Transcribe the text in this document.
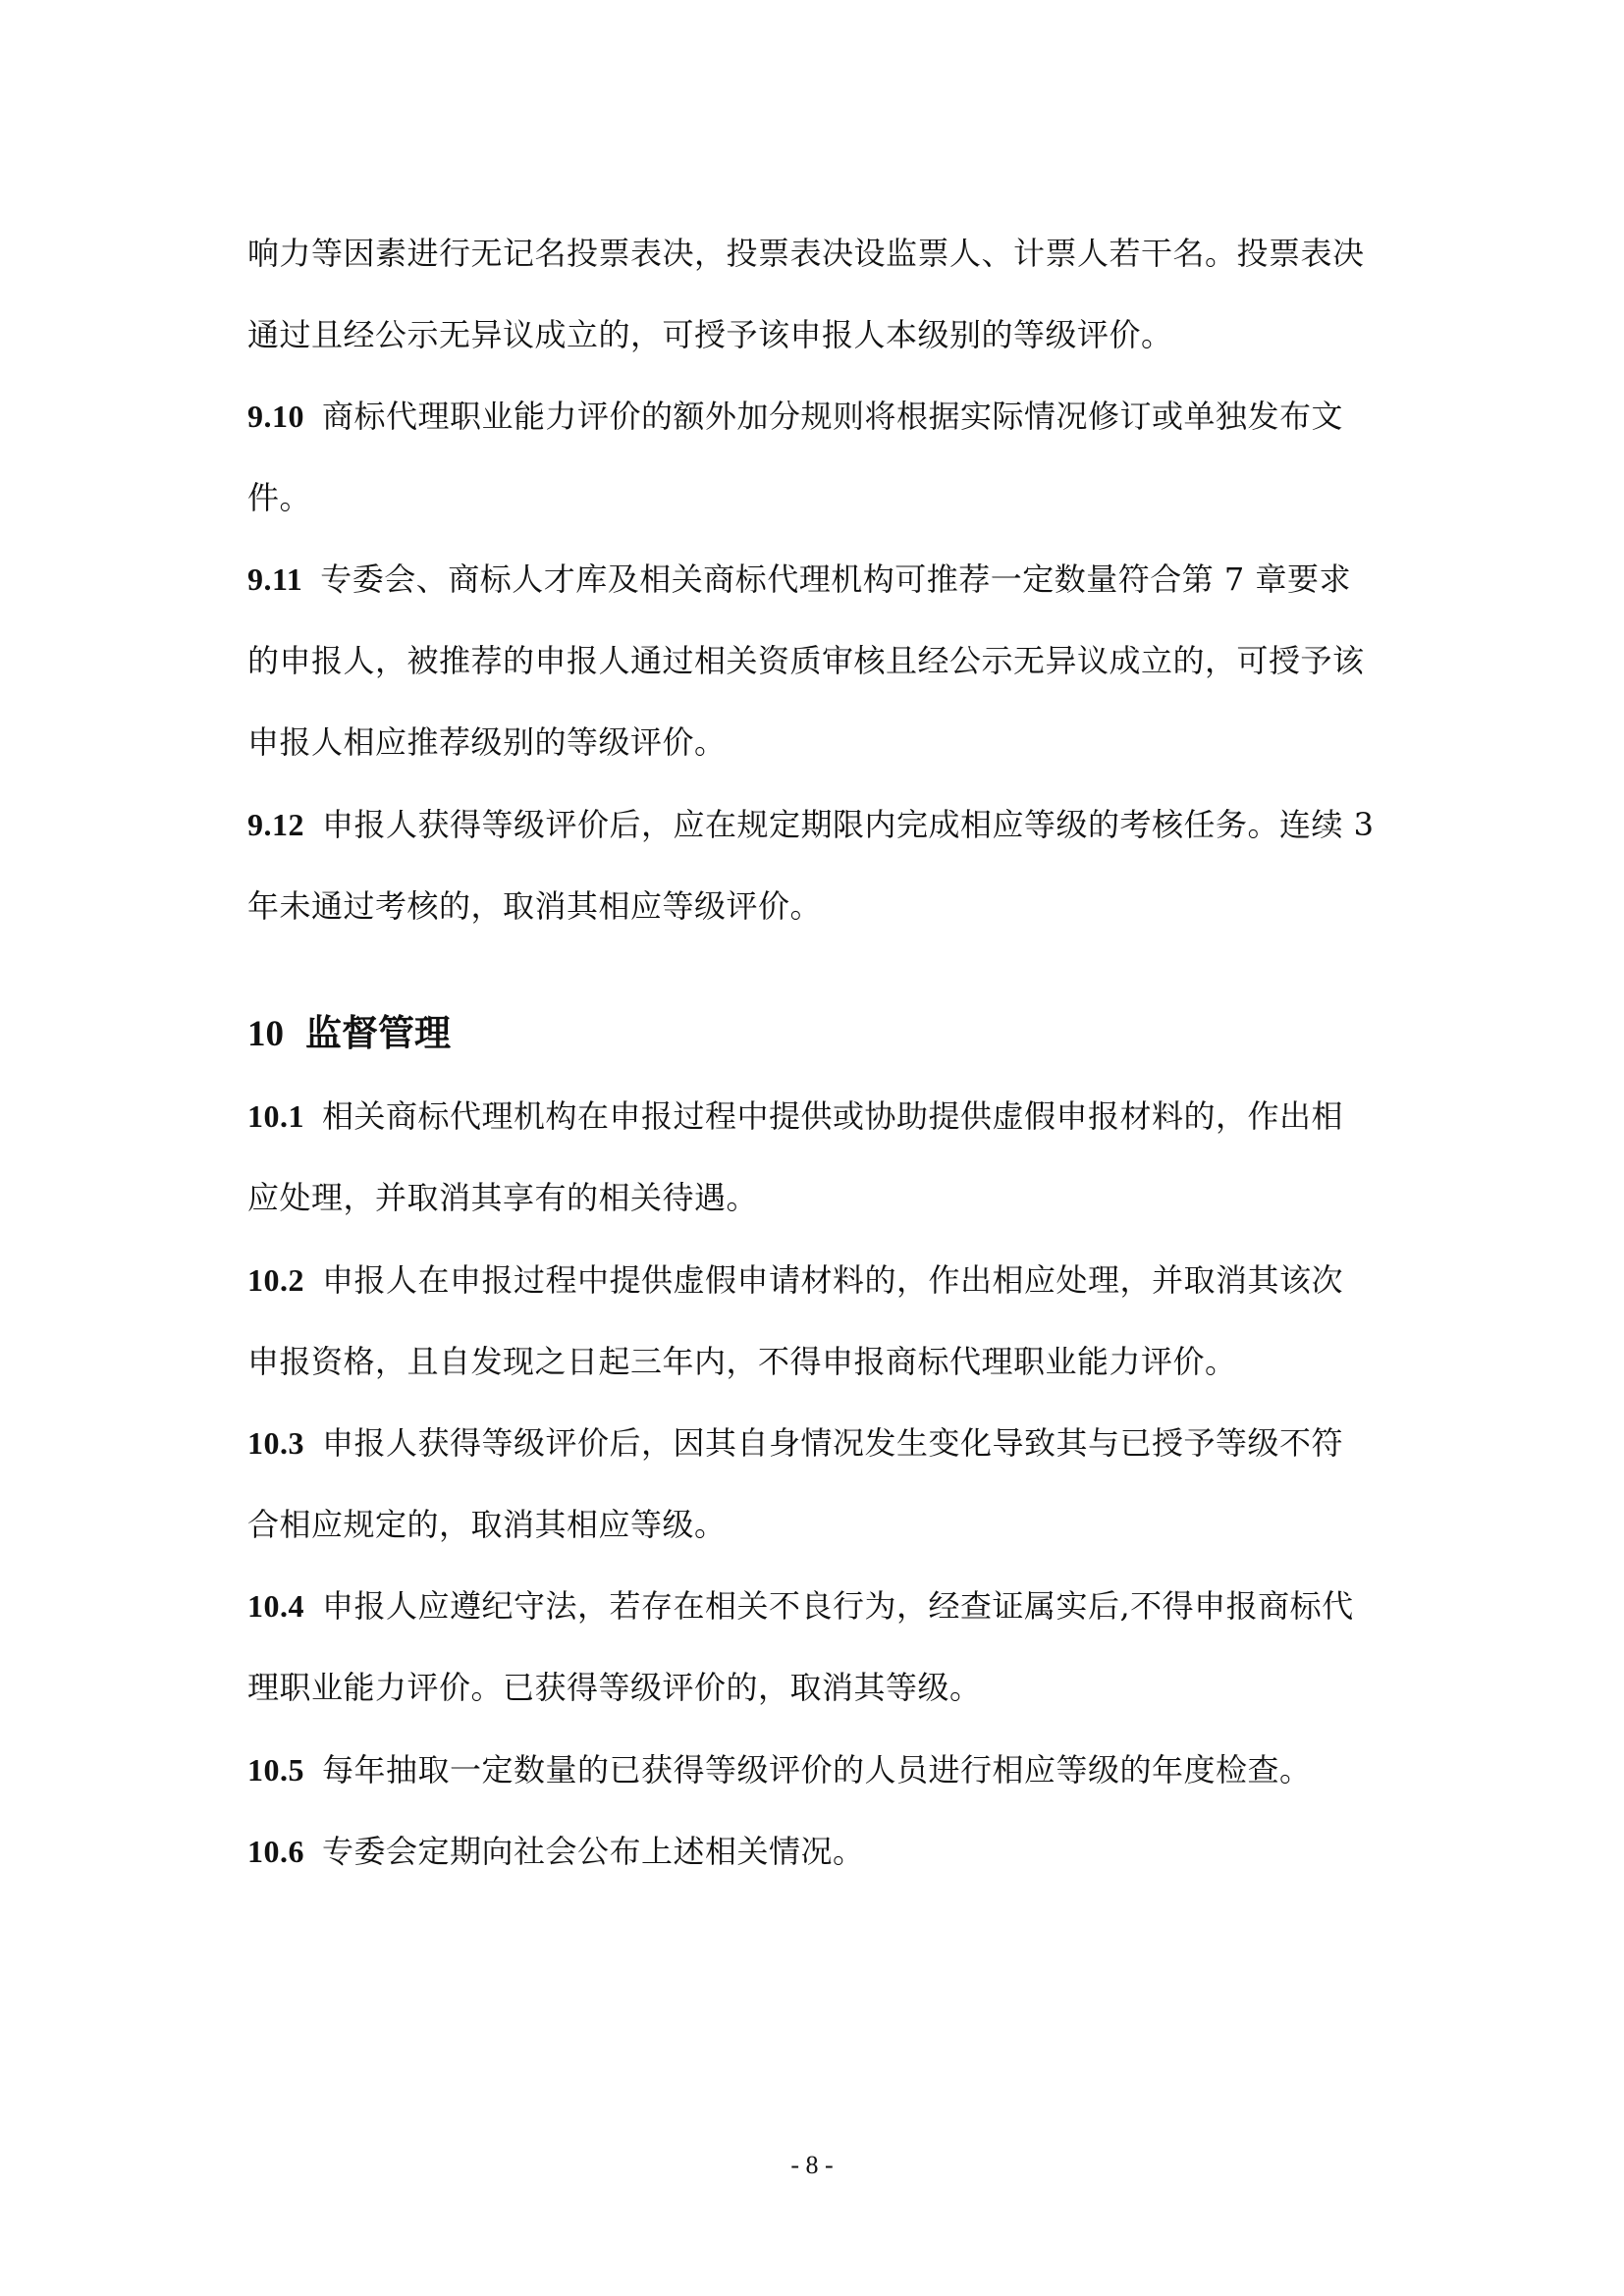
响力等因素进行无记名投票表决，投票表决设监票人、计票人若干名。投票表决
通过且经公示无异议成立的，可授予该申报人本级别的等级评价。
9.10 商标代理职业能力评价的额外加分规则将根据实际情况修订或单独发布文
件。
9.11 专委会、商标人才库及相关商标代理机构可推荐一定数量符合第 7 章要求
的申报人，被推荐的申报人通过相关资质审核且经公示无异议成立的，可授予该
申报人相应推荐级别的等级评价。
9.12 申报人获得等级评价后，应在规定期限内完成相应等级的考核任务。连续 3
年未通过考核的，取消其相应等级评价。
10 监督管理
10.1 相关商标代理机构在申报过程中提供或协助提供虚假申报材料的，作出相
应处理，并取消其享有的相关待遇。
10.2 申报人在申报过程中提供虚假申请材料的，作出相应处理，并取消其该次
申报资格，且自发现之日起三年内，不得申报商标代理职业能力评价。
10.3 申报人获得等级评价后，因其自身情况发生变化导致其与已授予等级不符
合相应规定的，取消其相应等级。
10.4 申报人应遵纪守法，若存在相关不良行为，经查证属实后,不得申报商标代
理职业能力评价。已获得等级评价的，取消其等级。
10.5 每年抽取一定数量的已获得等级评价的人员进行相应等级的年度检查。
10.6 专委会定期向社会公布上述相关情况。
- 8 -
